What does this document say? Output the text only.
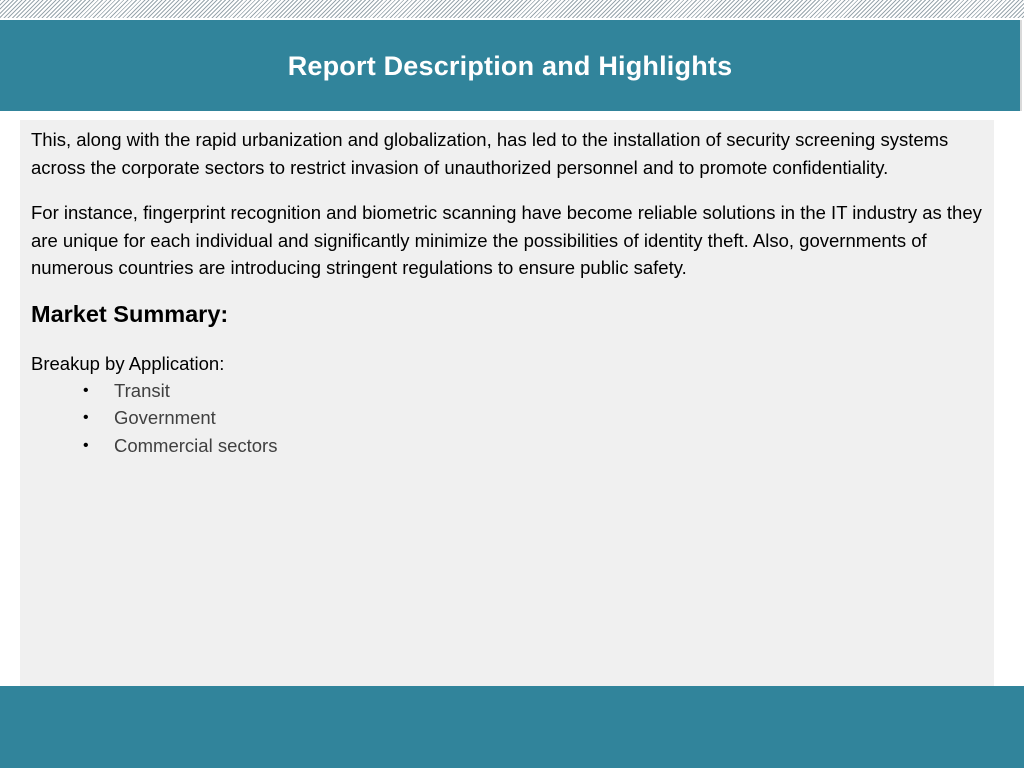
Report Description and Highlights

This, along with the rapid urbanization and globalization, has led to the installation of security screening systems across the corporate sectors to restrict invasion of unauthorized personnel and to promote confidentiality.

For instance, fingerprint recognition and biometric scanning have become reliable solutions in the IT industry as they are unique for each individual and significantly minimize the possibilities of identity theft. Also, governments of numerous countries are introducing stringent regulations to ensure public safety.

Market Summary:

Breakup by Application:

•	Transit
•	Government
•	Commercial sectors
